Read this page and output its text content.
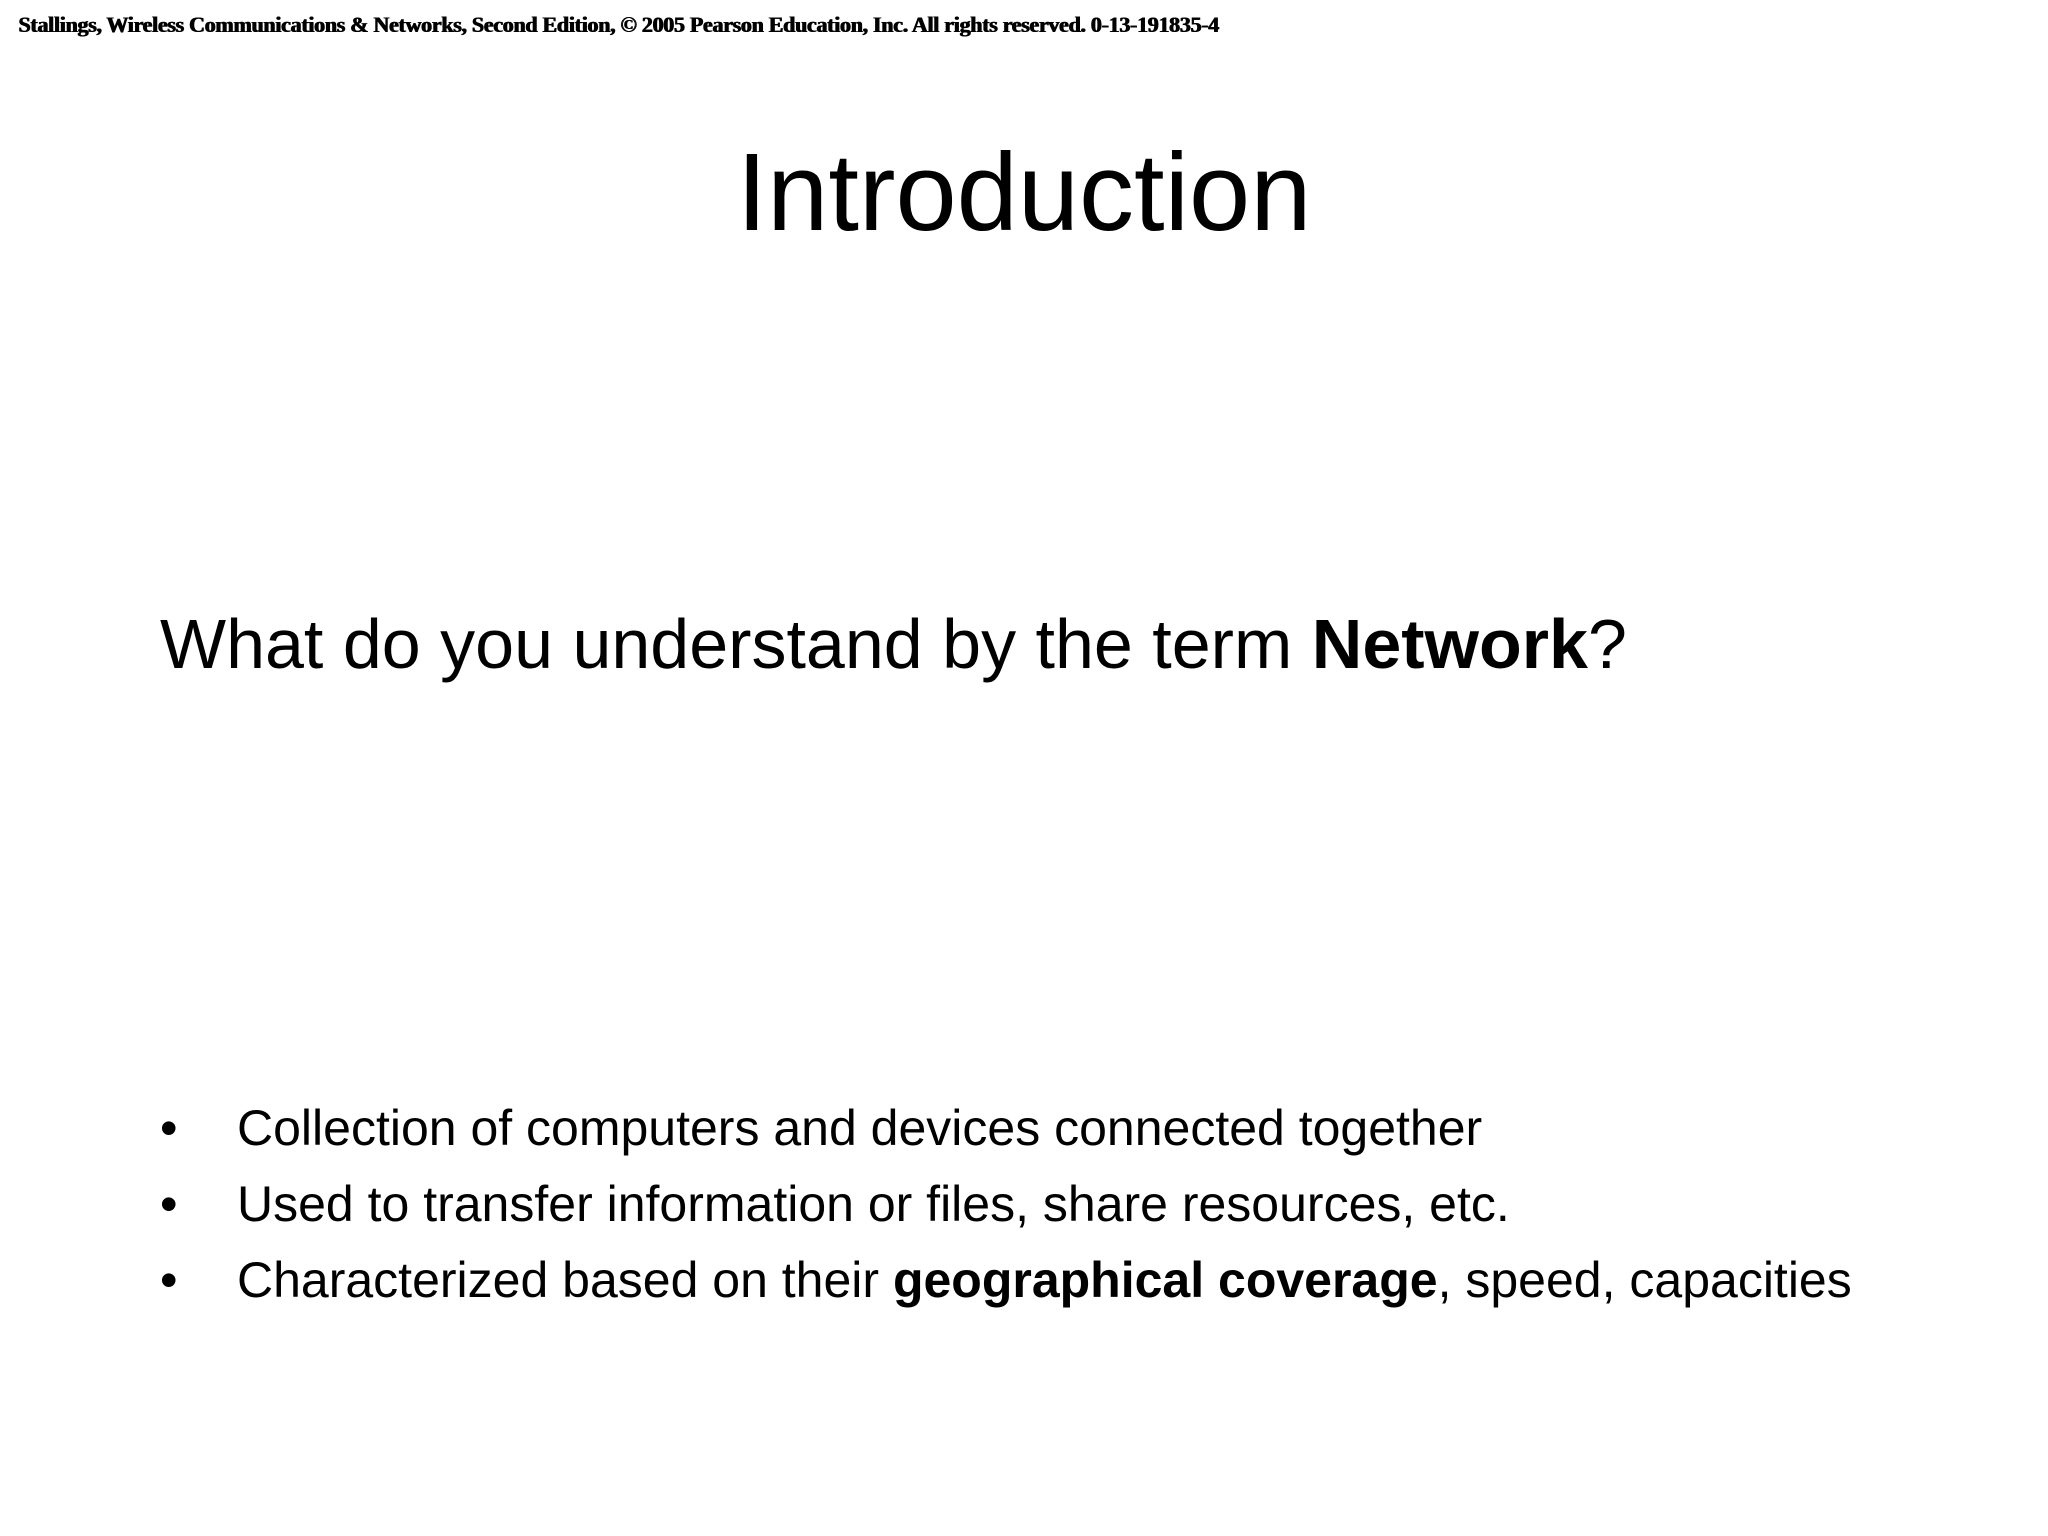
Stallings, Wireless Communications & Networks, Second Edition, © 2005 Pearson Education, Inc. All rights reserved. 0-13-191835-4
Introduction
What do you understand by the term Network?
• Collection of computers and devices connected together
• Used to transfer information or files, share resources, etc.
• Characterized based on their geographical coverage, speed, capacities
